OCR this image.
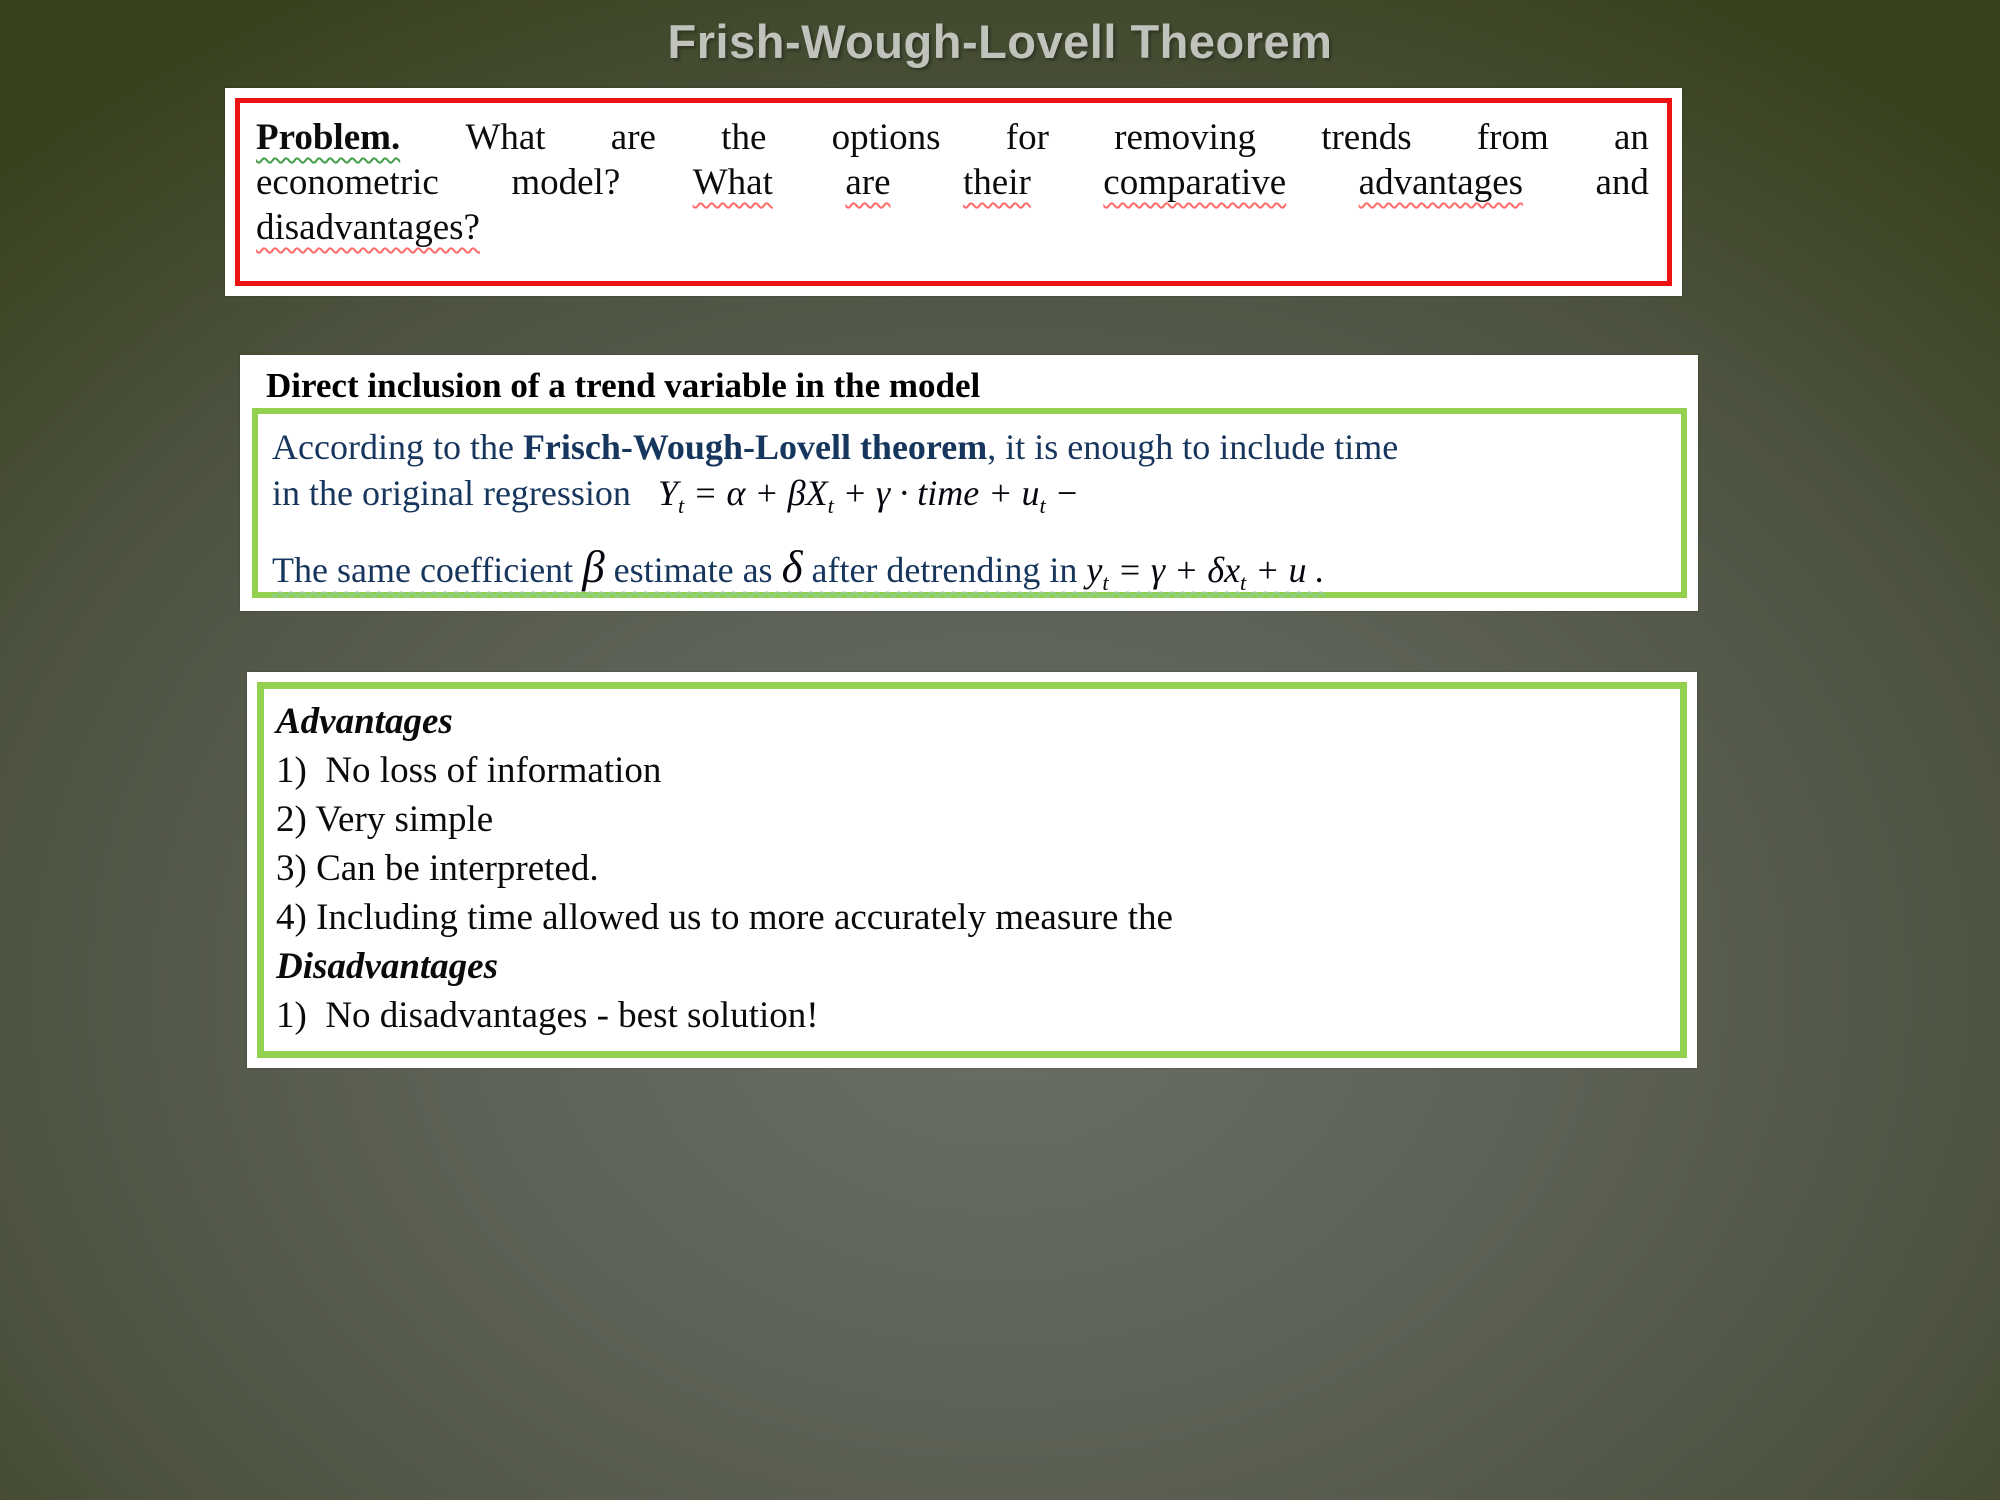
Frish-Wough-Lovell Theorem
Problem. What are the options for removing trends from an
econometric model? What are their comparative advantages and
disadvantages?
Direct inclusion of a trend variable in the model
According to the Frisch-Wough-Lovell theorem, it is enough to include time
in the original regression   $Y_t = \alpha + \beta X_t + \gamma$ · time + $u_t$ −
The same coefficient β estimate as δ after detrending in $y_t = \gamma + \delta x_t + u$ .
Advantages
1)  No loss of information
2) Very simple
3) Can be interpreted.
4) Including time allowed us to more accurately measure the
Disadvantages
1)  No disadvantages - best solution!
